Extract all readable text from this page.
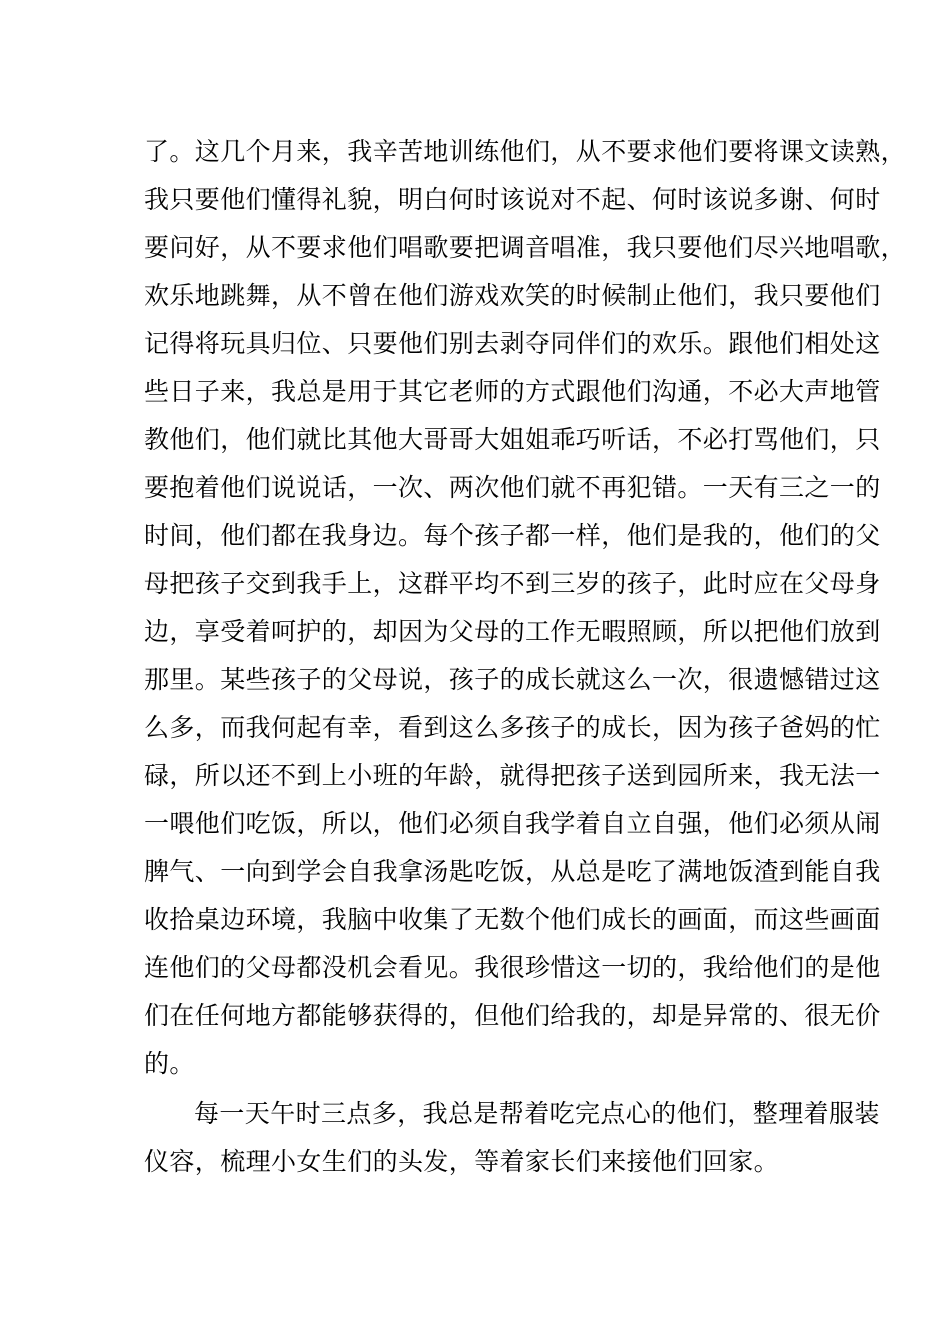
了。这几个月来，我辛苦地训练他们，从不要求他们要将课文读熟，
我只要他们懂得礼貌，明白何时该说对不起、何时该说多谢、何时
要问好，从不要求他们唱歌要把调音唱准，我只要他们尽兴地唱歌，
欢乐地跳舞，从不曾在他们游戏欢笑的时候制止他们，我只要他们
记得将玩具归位、只要他们别去剥夺同伴们的欢乐。跟他们相处这
些日子来，我总是用于其它老师的方式跟他们沟通，不必大声地管
教他们，他们就比其他大哥哥大姐姐乖巧听话，不必打骂他们，只
要抱着他们说说话，一次、两次他们就不再犯错。一天有三之一的
时间，他们都在我身边。每个孩子都一样，他们是我的，他们的父
母把孩子交到我手上，这群平均不到三岁的孩子，此时应在父母身
边，享受着呵护的，却因为父母的工作无暇照顾，所以把他们放到
那里。某些孩子的父母说，孩子的成长就这么一次，很遗憾错过这
么多，而我何起有幸，看到这么多孩子的成长，因为孩子爸妈的忙
碌，所以还不到上小班的年龄，就得把孩子送到园所来，我无法一
一喂他们吃饭，所以，他们必须自我学着自立自强，他们必须从闹
脾气、一向到学会自我拿汤匙吃饭，从总是吃了满地饭渣到能自我
收拾桌边环境，我脑中收集了无数个他们成长的画面，而这些画面
连他们的父母都没机会看见。我很珍惜这一切的，我给他们的是他
们在任何地方都能够获得的，但他们给我的，却是异常的、很无价
的。
每一天午时三点多，我总是帮着吃完点心的他们，整理着服装
仪容，梳理小女生们的头发，等着家长们来接他们回家。
